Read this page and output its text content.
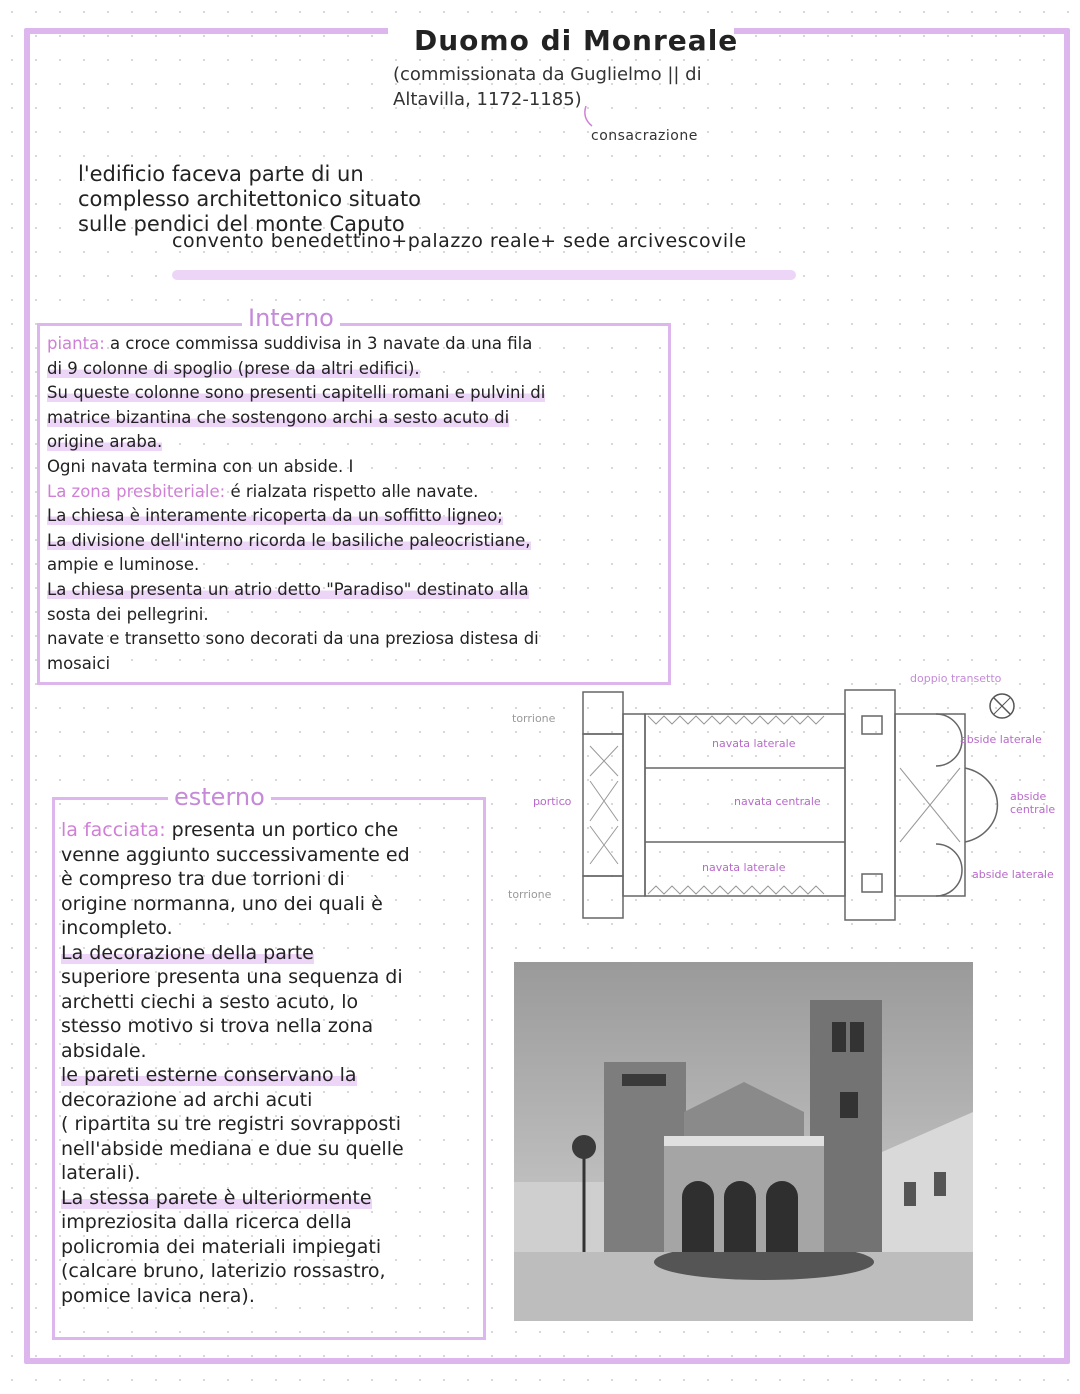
Duomo di Monreale
(commissionata da Guglielmo || di
Altavilla, 1172-1185)
consacrazione
l'edificio faceva parte di un
complesso architettonico situato
sulle pendici del monte Caputo
convento benedettino+palazzo reale+ sede arcivescovile
Interno
pianta: a croce commissa suddivisa in 3 navate da una fila
di 9 colonne di spoglio (prese da altri edifici).
Su queste colonne sono presenti capitelli romani e pulvini di
matrice bizantina che sostengono archi a sesto acuto di
origine araba.
Ogni navata termina con un abside. I
La zona presbiteriale: é rialzata rispetto alle navate.
La chiesa è interamente ricoperta da un soffitto ligneo;
La divisione dell'interno ricorda le basiliche paleocristiane,
ampie e luminose.
La chiesa presenta un atrio detto "Paradiso" destinato alla
sosta dei pellegrini.
navate e transetto sono decorati da una preziosa distesa di
mosaici
esterno
la facciata: presenta un portico che
venne aggiunto successivamente ed
è compreso tra due torrioni di
origine normanna, uno dei quali è
incompleto.
La decorazione della parte
superiore presenta una sequenza di
archetti ciechi a sesto acuto, lo
stesso motivo si trova nella zona
absidale.
le pareti esterne conservano la
decorazione ad archi acuti
( ripartita su tre registri sovrapposti
nell'abside mediana e due su quelle
laterali).
La stessa parete è ulteriormente
impreziosita dalla ricerca della
policromia dei materiali impiegati
(calcare bruno, laterizio rossastro,
pomice lavica nera).
doppio transetto
torrione
torrione
portico
navata laterale
navata centrale
navata laterale
abside laterale
abside
centrale
abside laterale
